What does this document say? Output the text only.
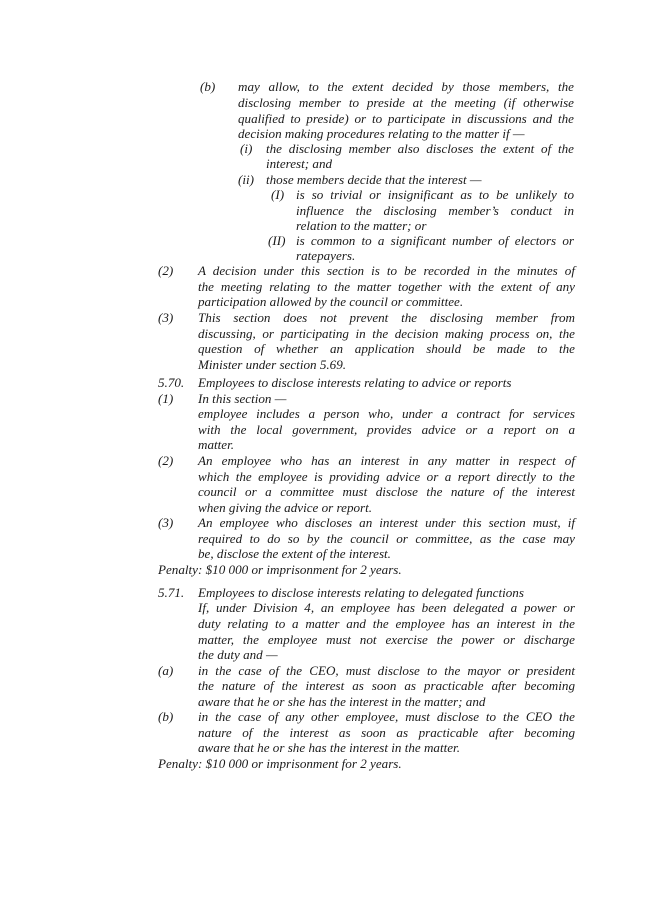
(b) may allow, to the extent decided by those members, the
disclosing member to preside at the meeting (if otherwise
qualified to preside) or to participate in discussions and the
decision making procedures relating to the matter if —
(i) the disclosing member also discloses the extent of the
interest; and
(ii) those members decide that the interest —
(I) is so trivial or insignificant as to be unlikely to
influence the disclosing member’s conduct in
relation to the matter; or
(II) is common to a significant number of electors or
ratepayers.
(2) A decision under this section is to be recorded in the minutes of
the meeting relating to the matter together with the extent of any
participation allowed by the council or committee.
(3) This section does not prevent the disclosing member from
discussing, or participating in the decision making process on, the
question of whether an application should be made to the
Minister under section 5.69.
5.70. Employees to disclose interests relating to advice or reports
(1) In this section —
employee includes a person who, under a contract for services
with the local government, provides advice or a report on a
matter.
(2) An employee who has an interest in any matter in respect of
which the employee is providing advice or a report directly to the
council or a committee must disclose the nature of the interest
when giving the advice or report.
(3) An employee who discloses an interest under this section must, if
required to do so by the council or committee, as the case may
be, disclose the extent of the interest.
Penalty: $10 000 or imprisonment for 2 years.
5.71. Employees to disclose interests relating to delegated functions
If, under Division 4, an employee has been delegated a power or
duty relating to a matter and the employee has an interest in the
matter, the employee must not exercise the power or discharge
the duty and —
(a) in the case of the CEO, must disclose to the mayor or president
the nature of the interest as soon as practicable after becoming
aware that he or she has the interest in the matter; and
(b) in the case of any other employee, must disclose to the CEO the
nature of the interest as soon as practicable after becoming
aware that he or she has the interest in the matter.
Penalty: $10 000 or imprisonment for 2 years.
